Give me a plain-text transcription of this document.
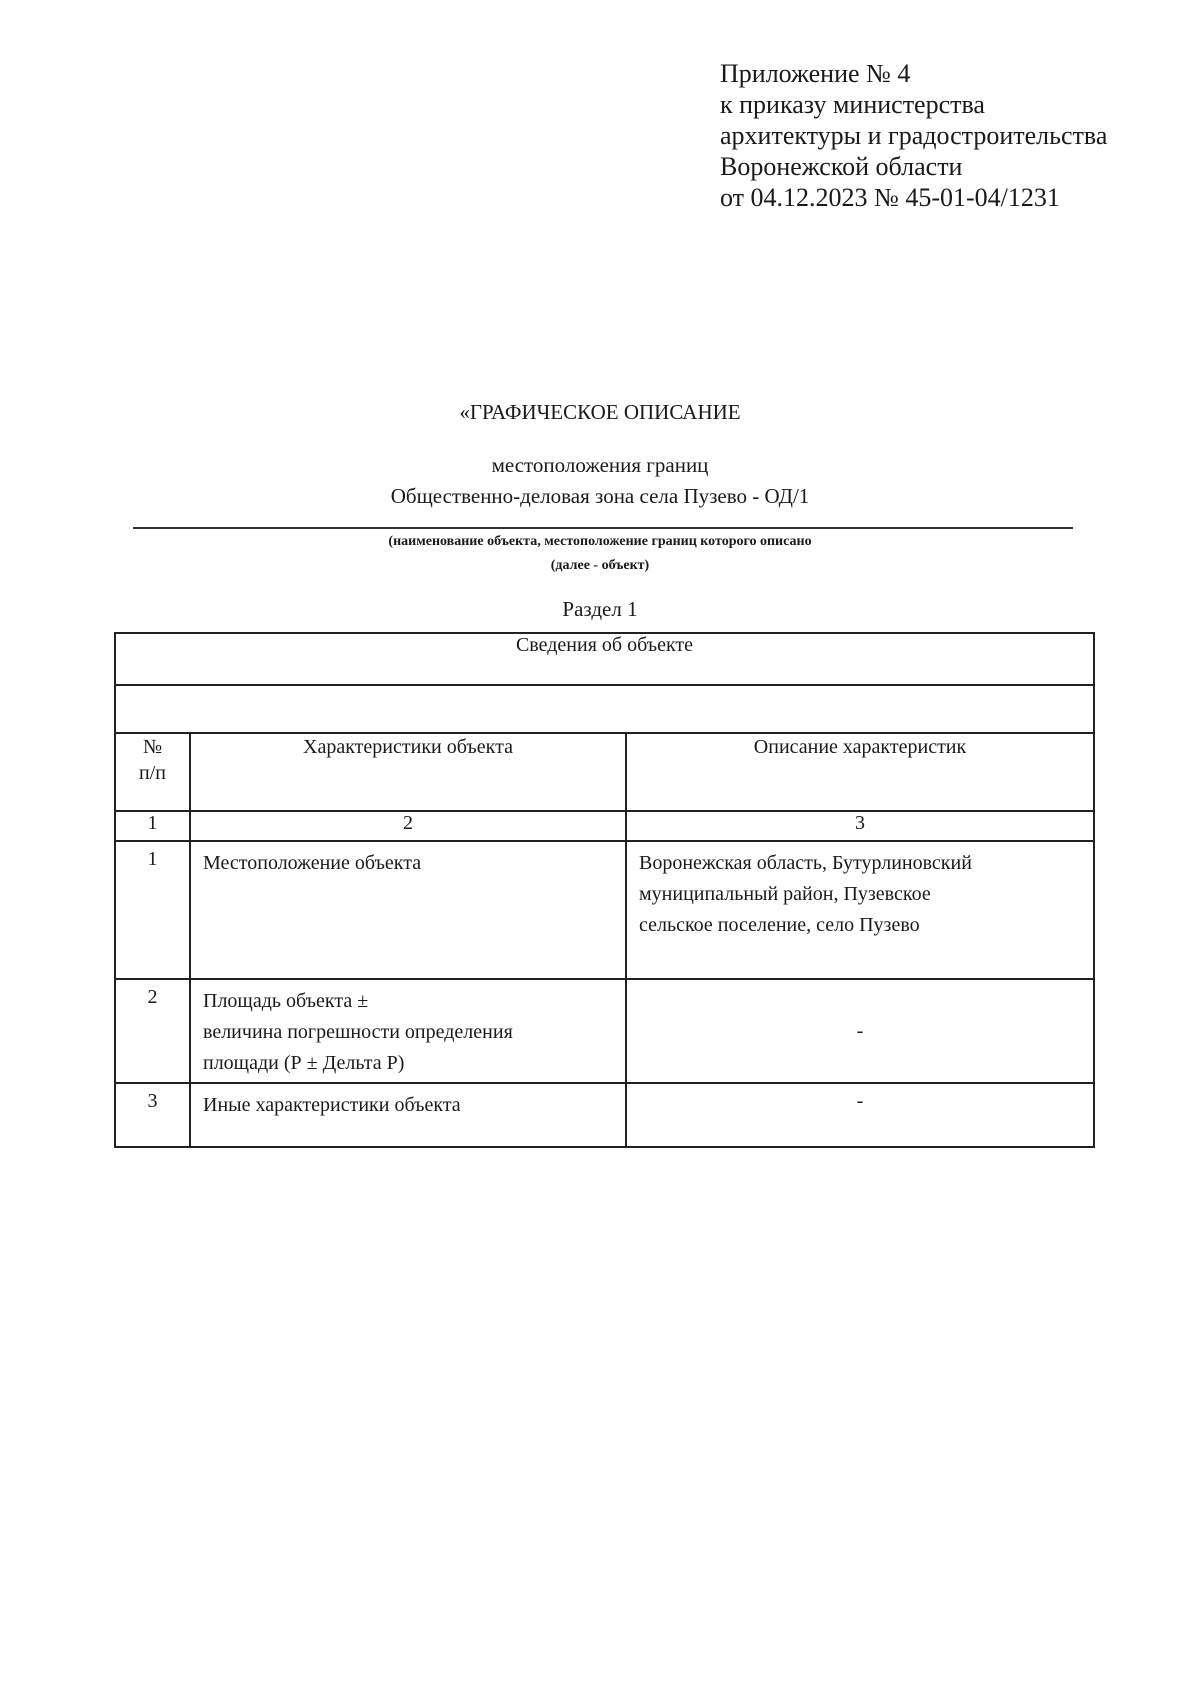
Приложение № 4
к приказу министерства
архитектуры и градостроительства
Воронежской области
от 04.12.2023 № 45-01-04/1231
«ГРАФИЧЕСКОЕ ОПИСАНИЕ
местоположения границ
Общественно-деловая зона села Пузево - ОД/1
(наименование объекта, местоположение границ которого описано
(далее - объект)
Раздел 1
Сведения об объекте		

№
п/п	Характеристики объекта	Описание характеристик
1	2	3
1	Местоположение объекта	Воронежская область, Бутурлиновский
муниципальный район, Пузевское
сельское поселение, село Пузево

2	Площадь объекта ±
величина погрешности определения
площади (Р ± Дельта Р)	-
3	Иные характеристики объекта	-
